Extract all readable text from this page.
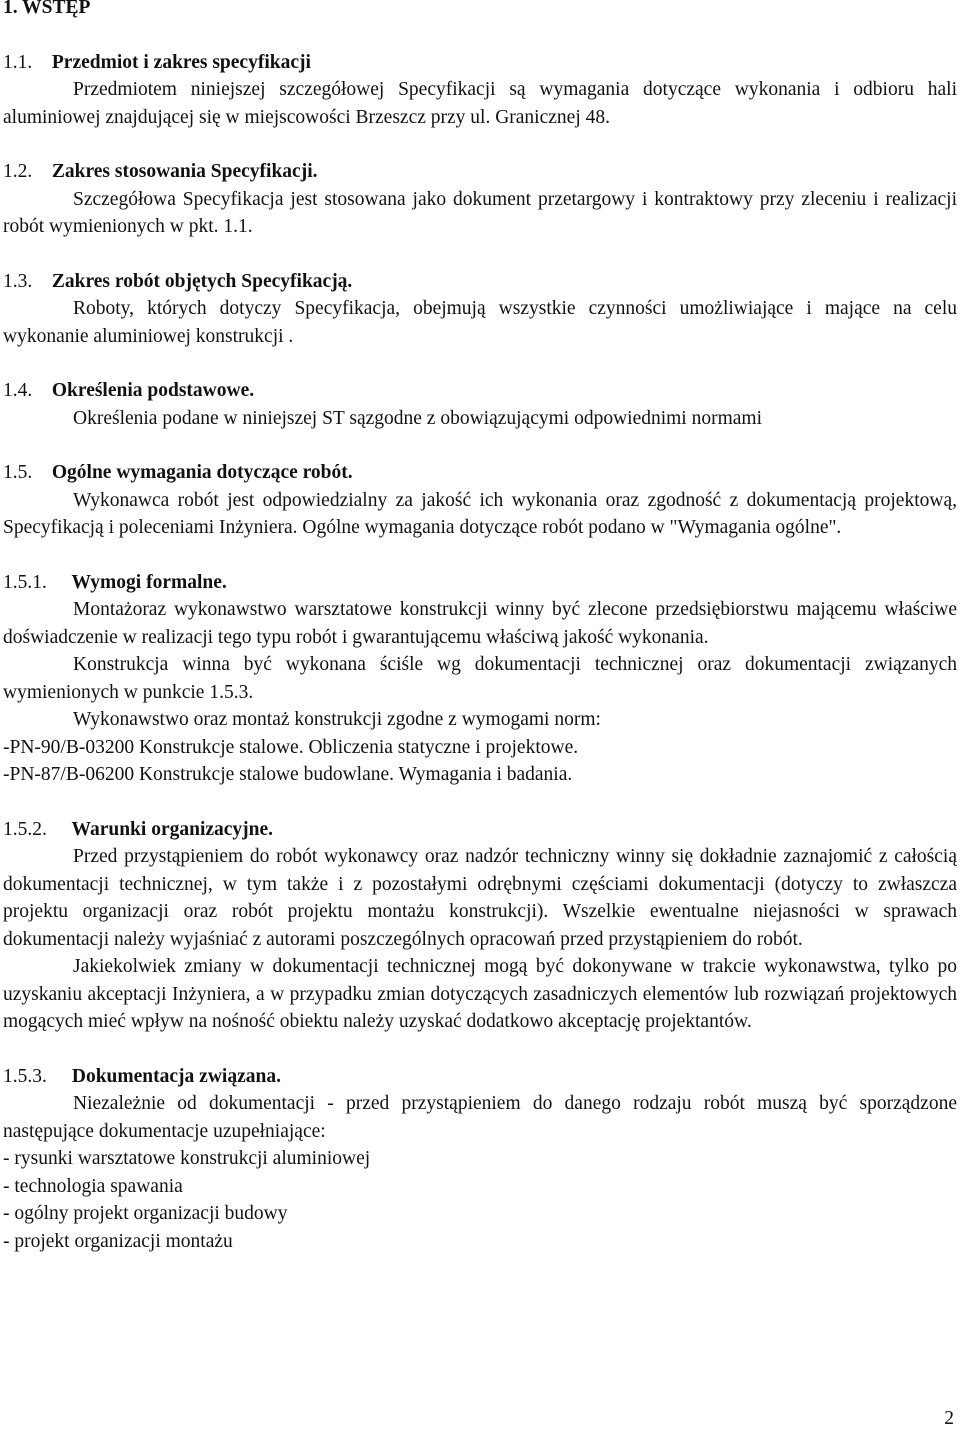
1. WSTĘP
1.1. Przedmiot i zakres specyfikacji

Przedmiotem niniejszej szczegółowej Specyfikacji są wymagania dotyczące wykonania i odbioru hali aluminiowej znajdującej się w miejscowości Brzeszcz przy ul. Granicznej 48.

1.2. Zakres stosowania Specyfikacji.

Szczegółowa Specyfikacja jest stosowana jako dokument przetargowy i kontraktowy przy zleceniu i realizacji robót wymienionych w pkt. 1.1.

1.3. Zakres robót objętych Specyfikacją.

Roboty, których dotyczy Specyfikacja, obejmują wszystkie czynności umożliwiające i mające na celu wykonanie aluminiowej konstrukcji .

1.4. Określenia podstawowe.

Określenia podane w niniejszej ST sązgodne z obowiązującymi odpowiednimi normami

1.5. Ogólne wymagania dotyczące robót.

Wykonawca robót jest odpowiedzialny za jakość ich wykonania oraz zgodność z dokumentacją projektową, Specyfikacją i poleceniami Inżyniera. Ogólne wymagania dotyczące robót podano w "Wymagania ogólne".

1.5.1. Wymogi formalne.

Montażoraz wykonawstwo warsztatowe konstrukcji winny być zlecone przedsiębiorstwu mającemu właściwe doświadczenie w realizacji tego typu robót i gwarantującemu właściwą jakość wykonania.

Konstrukcja winna być wykonana ściśle wg dokumentacji technicznej oraz dokumentacji związanych wymienionych w punkcie 1.5.3.

Wykonawstwo oraz montaż konstrukcji zgodne z wymogami norm:

-PN-90/B-03200 Konstrukcje stalowe. Obliczenia statyczne i projektowe.

-PN-87/B-06200 Konstrukcje stalowe budowlane. Wymagania i badania.

1.5.2. Warunki organizacyjne.

Przed przystąpieniem do robót wykonawcy oraz nadzór techniczny winny się dokładnie zaznajomić z całością dokumentacji technicznej, w tym także i z pozostałymi odrębnymi częściami dokumentacji (dotyczy to zwłaszcza projektu organizacji oraz robót projektu montażu konstrukcji). Wszelkie ewentualne niejasności w sprawach dokumentacji należy wyjaśniać z autorami poszczególnych opracowań przed przystąpieniem do robót.

Jakiekolwiek zmiany w dokumentacji technicznej mogą być dokonywane w trakcie wykonawstwa, tylko po uzyskaniu akceptacji Inżyniera, a w przypadku zmian dotyczących zasadniczych elementów lub rozwiązań projektowych mogących mieć wpływ na nośność obiektu należy uzyskać dodatkowo akceptację projektantów.

1.5.3. Dokumentacja związana.

Niezależnie od dokumentacji - przed przystąpieniem do danego rodzaju robót muszą być sporządzone następujące dokumentacje uzupełniające:

- rysunki warsztatowe konstrukcji aluminiowej

- technologia spawania

- ogólny projekt organizacji budowy

- projekt organizacji montażu

2
